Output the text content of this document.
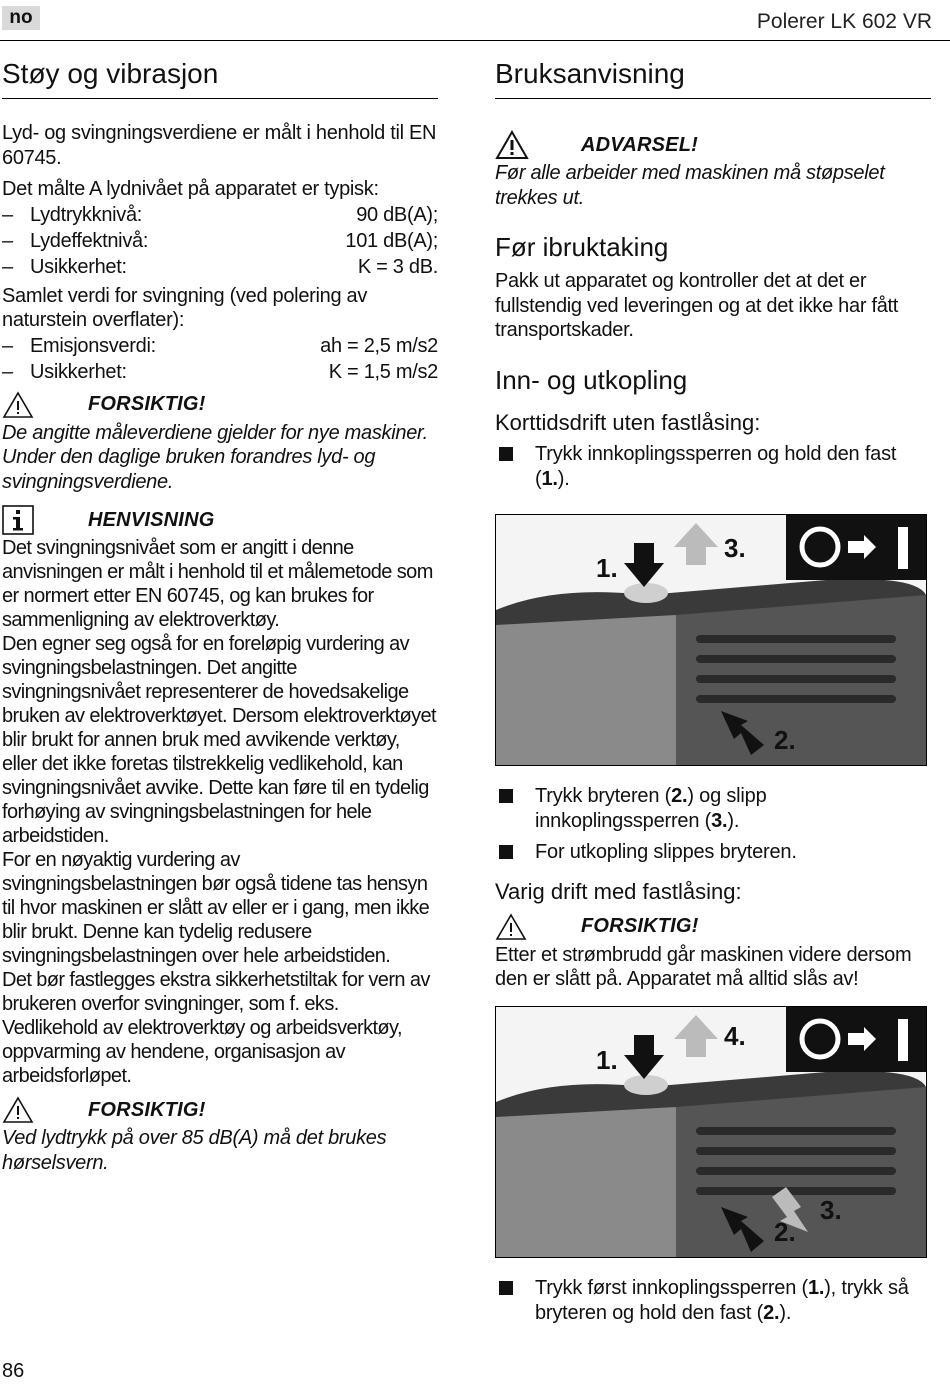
no	Polerer LK 602 VR
Støy og vibrasjon

Lyd- og svingningsverdiene er målt i henhold til EN 60745.

Det målte A lydnivået på apparatet er typisk:

– Lydtrykknivå:	90 dB(A);
– Lydeffektnivå:	101 dB(A);
– Usikkerhet:	K = 3 dB.

Samlet verdi for svingning (ved polering av naturstein overflater):

– Emisjonsverdi:	ah = 2,5 m/s2
– Usikkerhet:	K = 1,5 m/s2
FORSIKTIG!

De angitte måleverdiene gjelder for nye maskiner. Under den daglige bruken forandres lyd- og svingningsverdiene.

HENVISNING

Det svingningsnivået som er angitt i denne anvisningen er målt i henhold til et målemetode som er normert etter EN 60745, og kan brukes for sammenligning av elektroverktøy.

Den egner seg også for en foreløpig vurdering av svingningsbelastningen. Det angitte svingningsnivået representerer de hovedsakelige bruken av elektroverktøyet. Dersom elektroverktøyet blir brukt for annen bruk med avvikende verktøy, eller det ikke foretas tilstrekkelig vedlikehold, kan svingningsnivået avvike. Dette kan føre til en tydelig forhøying av svingningsbelastningen for hele arbeidstiden.

For en nøyaktig vurdering av svingningsbelastningen bør også tidene tas hensyn til hvor maskinen er slått av eller er i gang, men ikke blir brukt. Denne kan tydelig redusere svingningsbelastningen over hele arbeidstiden.

Det bør fastlegges ekstra sikkerhetstiltak for vern av brukeren overfor svingninger, som f. eks. Vedlikehold av elektroverktøy og arbeidsverktøy, oppvarming av hendene, organisasjon av arbeidsforløpet.

FORSIKTIG!

Ved lydtrykk på over 85 dB(A) må det brukes hørselsvern.

Bruksanvisning
ADVARSEL!

Før alle arbeider med maskinen må støpselet trekkes ut.

Før ibruktaking

Pakk ut apparatet og kontroller det at det er fullstendig ved leveringen og at det ikke har fått transportskader.

Inn- og utkopling
Korttidsdrift uten fastlåsing:
Trykk innkoplingssperren og hold den fast (1.).
1.
3.
2.
Trykk bryteren (2.) og slipp innkoplingssperren (3.).
For utkopling slippes bryteren.
Varig drift med fastlåsing:
FORSIKTIG!

Etter et strømbrudd går maskinen videre dersom den er slått på. Apparatet må alltid slås av!

1.
4.
2.
3.
Trykk først innkoplingssperren (1.), trykk så bryteren og hold den fast (2.).
86
